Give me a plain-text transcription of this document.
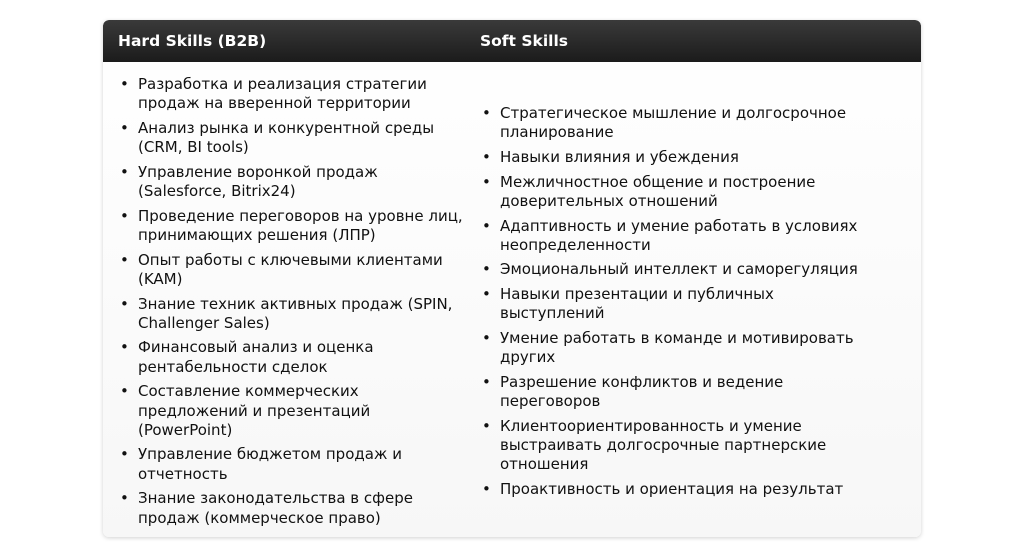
Hard Skills (B2B)	Soft Skills
• Разработка и реализация стратегии продаж на вверенной территории
• Анализ рынка и конкурентной среды (CRM, BI tools)
• Управление воронкой продаж (Salesforce, Bitrix24)
• Проведение переговоров на уровне лиц, принимающих решения (ЛПР)
• Опыт работы с ключевыми клиентами (KAM)
• Знание техник активных продаж (SPIN, Challenger Sales)
• Финансовый анализ и оценка рентабельности сделок
• Составление коммерческих предложений и презентаций (PowerPoint)
• Управление бюджетом продаж и отчетность
• Знание законодательства в сфере продаж (коммерческое право)
• Стратегическое мышление и долгосрочное планирование
• Навыки влияния и убеждения
• Межличностное общение и построение доверительных отношений
• Адаптивность и умение работать в условиях неопределенности
• Эмоциональный интеллект и саморегуляция
• Навыки презентации и публичных выступлений
• Умение работать в команде и мотивировать других
• Разрешение конфликтов и ведение переговоров
• Клиентоориентированность и умение выстраивать долгосрочные партнерские отношения
• Проактивность и ориентация на результат
